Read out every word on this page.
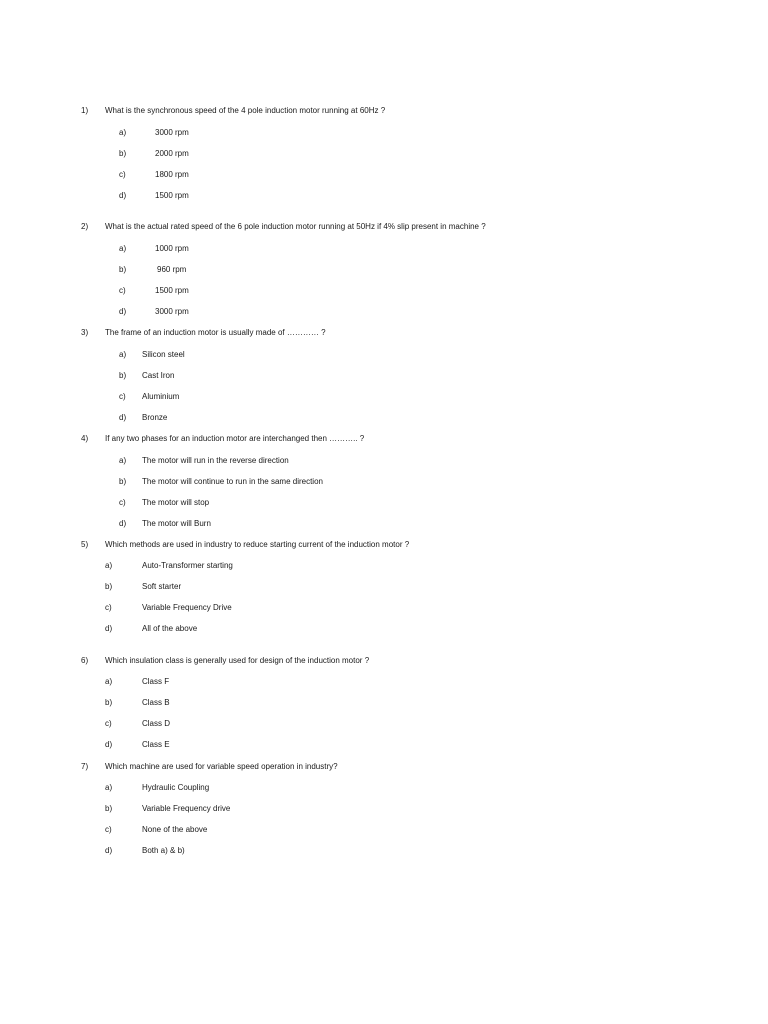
1) What is the synchronous speed of the 4 pole induction motor running at 60Hz ?
a)	3000 rpm
b)	2000 rpm
c)	1800 rpm
d)	1500 rpm
2) What is the actual rated speed of the 6 pole induction motor running at 50Hz if 4% slip present in machine ?
a)	1000 rpm
b)	960 rpm
c)	1500 rpm
d)	3000 rpm
3) The frame of an induction motor is usually made of ………… ?
a) Silicon steel
b) Cast Iron
c) Aluminium
d) Bronze
4) If any two phases for an induction motor are interchanged then ……….. ?
a) The motor will run in the reverse direction
b) The motor will continue to run in the same direction
c) The motor will stop
d) The motor will Burn
5) Which methods are used in industry to reduce starting current of the induction motor ?
a)	Auto-Transformer starting
b)	Soft starter
c)	Variable Frequency Drive
d)	All of the above
6) Which insulation class is generally used for design of the induction motor ?
a)	Class F
b)	Class B
c)	Class D
d)	Class E
7) Which machine are used for variable speed operation in industry?
a)	Hydraulic Coupling
b)	Variable Frequency drive
c)	None of the above
d)	Both a) & b)
